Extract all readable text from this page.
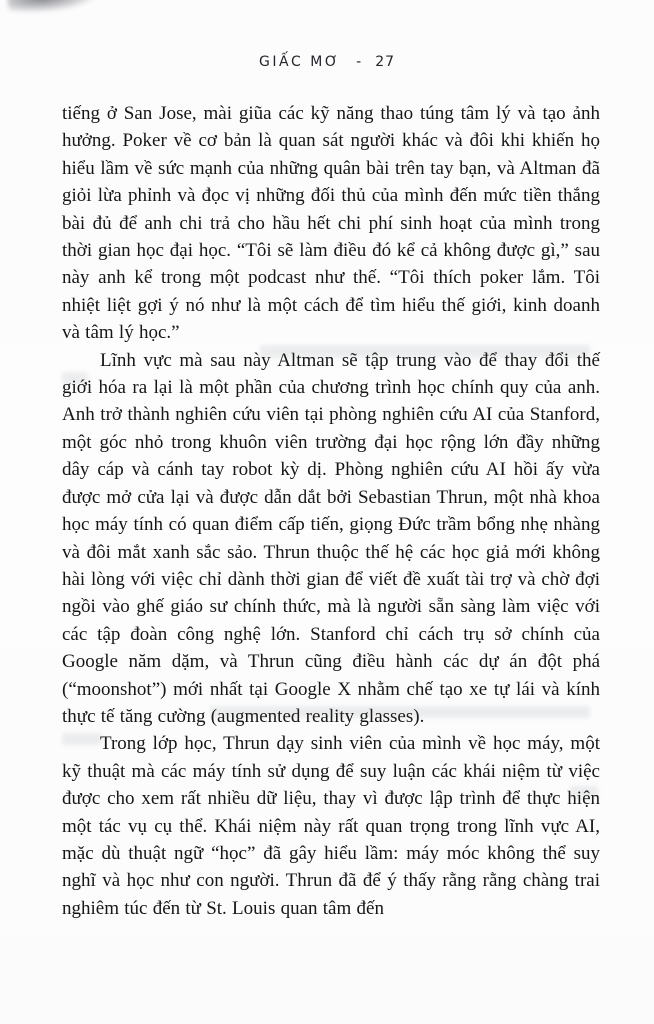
GIẤC MƠ - 27

tiếng ở San Jose, mài giũa các kỹ năng thao túng tâm lý và tạo ảnh hưởng. Poker về cơ bản là quan sát người khác và đôi khi khiến họ hiểu lầm về sức mạnh của những quân bài trên tay bạn, và Altman đã giỏi lừa phỉnh và đọc vị những đối thủ của mình đến mức tiền thắng bài đủ để anh chi trả cho hầu hết chi phí sinh hoạt của mình trong thời gian học đại học. “Tôi sẽ làm điều đó kể cả không được gì,” sau này anh kể trong một podcast như thế. “Tôi thích poker lắm. Tôi nhiệt liệt gợi ý nó như là một cách để tìm hiểu thế giới, kinh doanh và tâm lý học.”

Lĩnh vực mà sau này Altman sẽ tập trung vào để thay đổi thế giới hóa ra lại là một phần của chương trình học chính quy của anh. Anh trở thành nghiên cứu viên tại phòng nghiên cứu AI của Stanford, một góc nhỏ trong khuôn viên trường đại học rộng lớn đầy những dây cáp và cánh tay robot kỳ dị. Phòng nghiên cứu AI hồi ấy vừa được mở cửa lại và được dẫn dắt bởi Sebastian Thrun, một nhà khoa học máy tính có quan điểm cấp tiến, giọng Đức trầm bổng nhẹ nhàng và đôi mắt xanh sắc sảo. Thrun thuộc thế hệ các học giả mới không hài lòng với việc chỉ dành thời gian để viết đề xuất tài trợ và chờ đợi ngồi vào ghế giáo sư chính thức, mà là người sẵn sàng làm việc với các tập đoàn công nghệ lớn. Stanford chỉ cách trụ sở chính của Google năm dặm, và Thrun cũng điều hành các dự án đột phá (“moonshot”) mới nhất tại Google X nhằm chế tạo xe tự lái và kính thực tế tăng cường (augmented reality glasses).

Trong lớp học, Thrun dạy sinh viên của mình về học máy, một kỹ thuật mà các máy tính sử dụng để suy luận các khái niệm từ việc được cho xem rất nhiều dữ liệu, thay vì được lập trình để thực hiện một tác vụ cụ thể. Khái niệm này rất quan trọng trong lĩnh vực AI, mặc dù thuật ngữ “học” đã gây hiểu lầm: máy móc không thể suy nghĩ và học như con người. Thrun đã để ý thấy rằng rằng chàng trai nghiêm túc đến từ St. Louis quan tâm đến
